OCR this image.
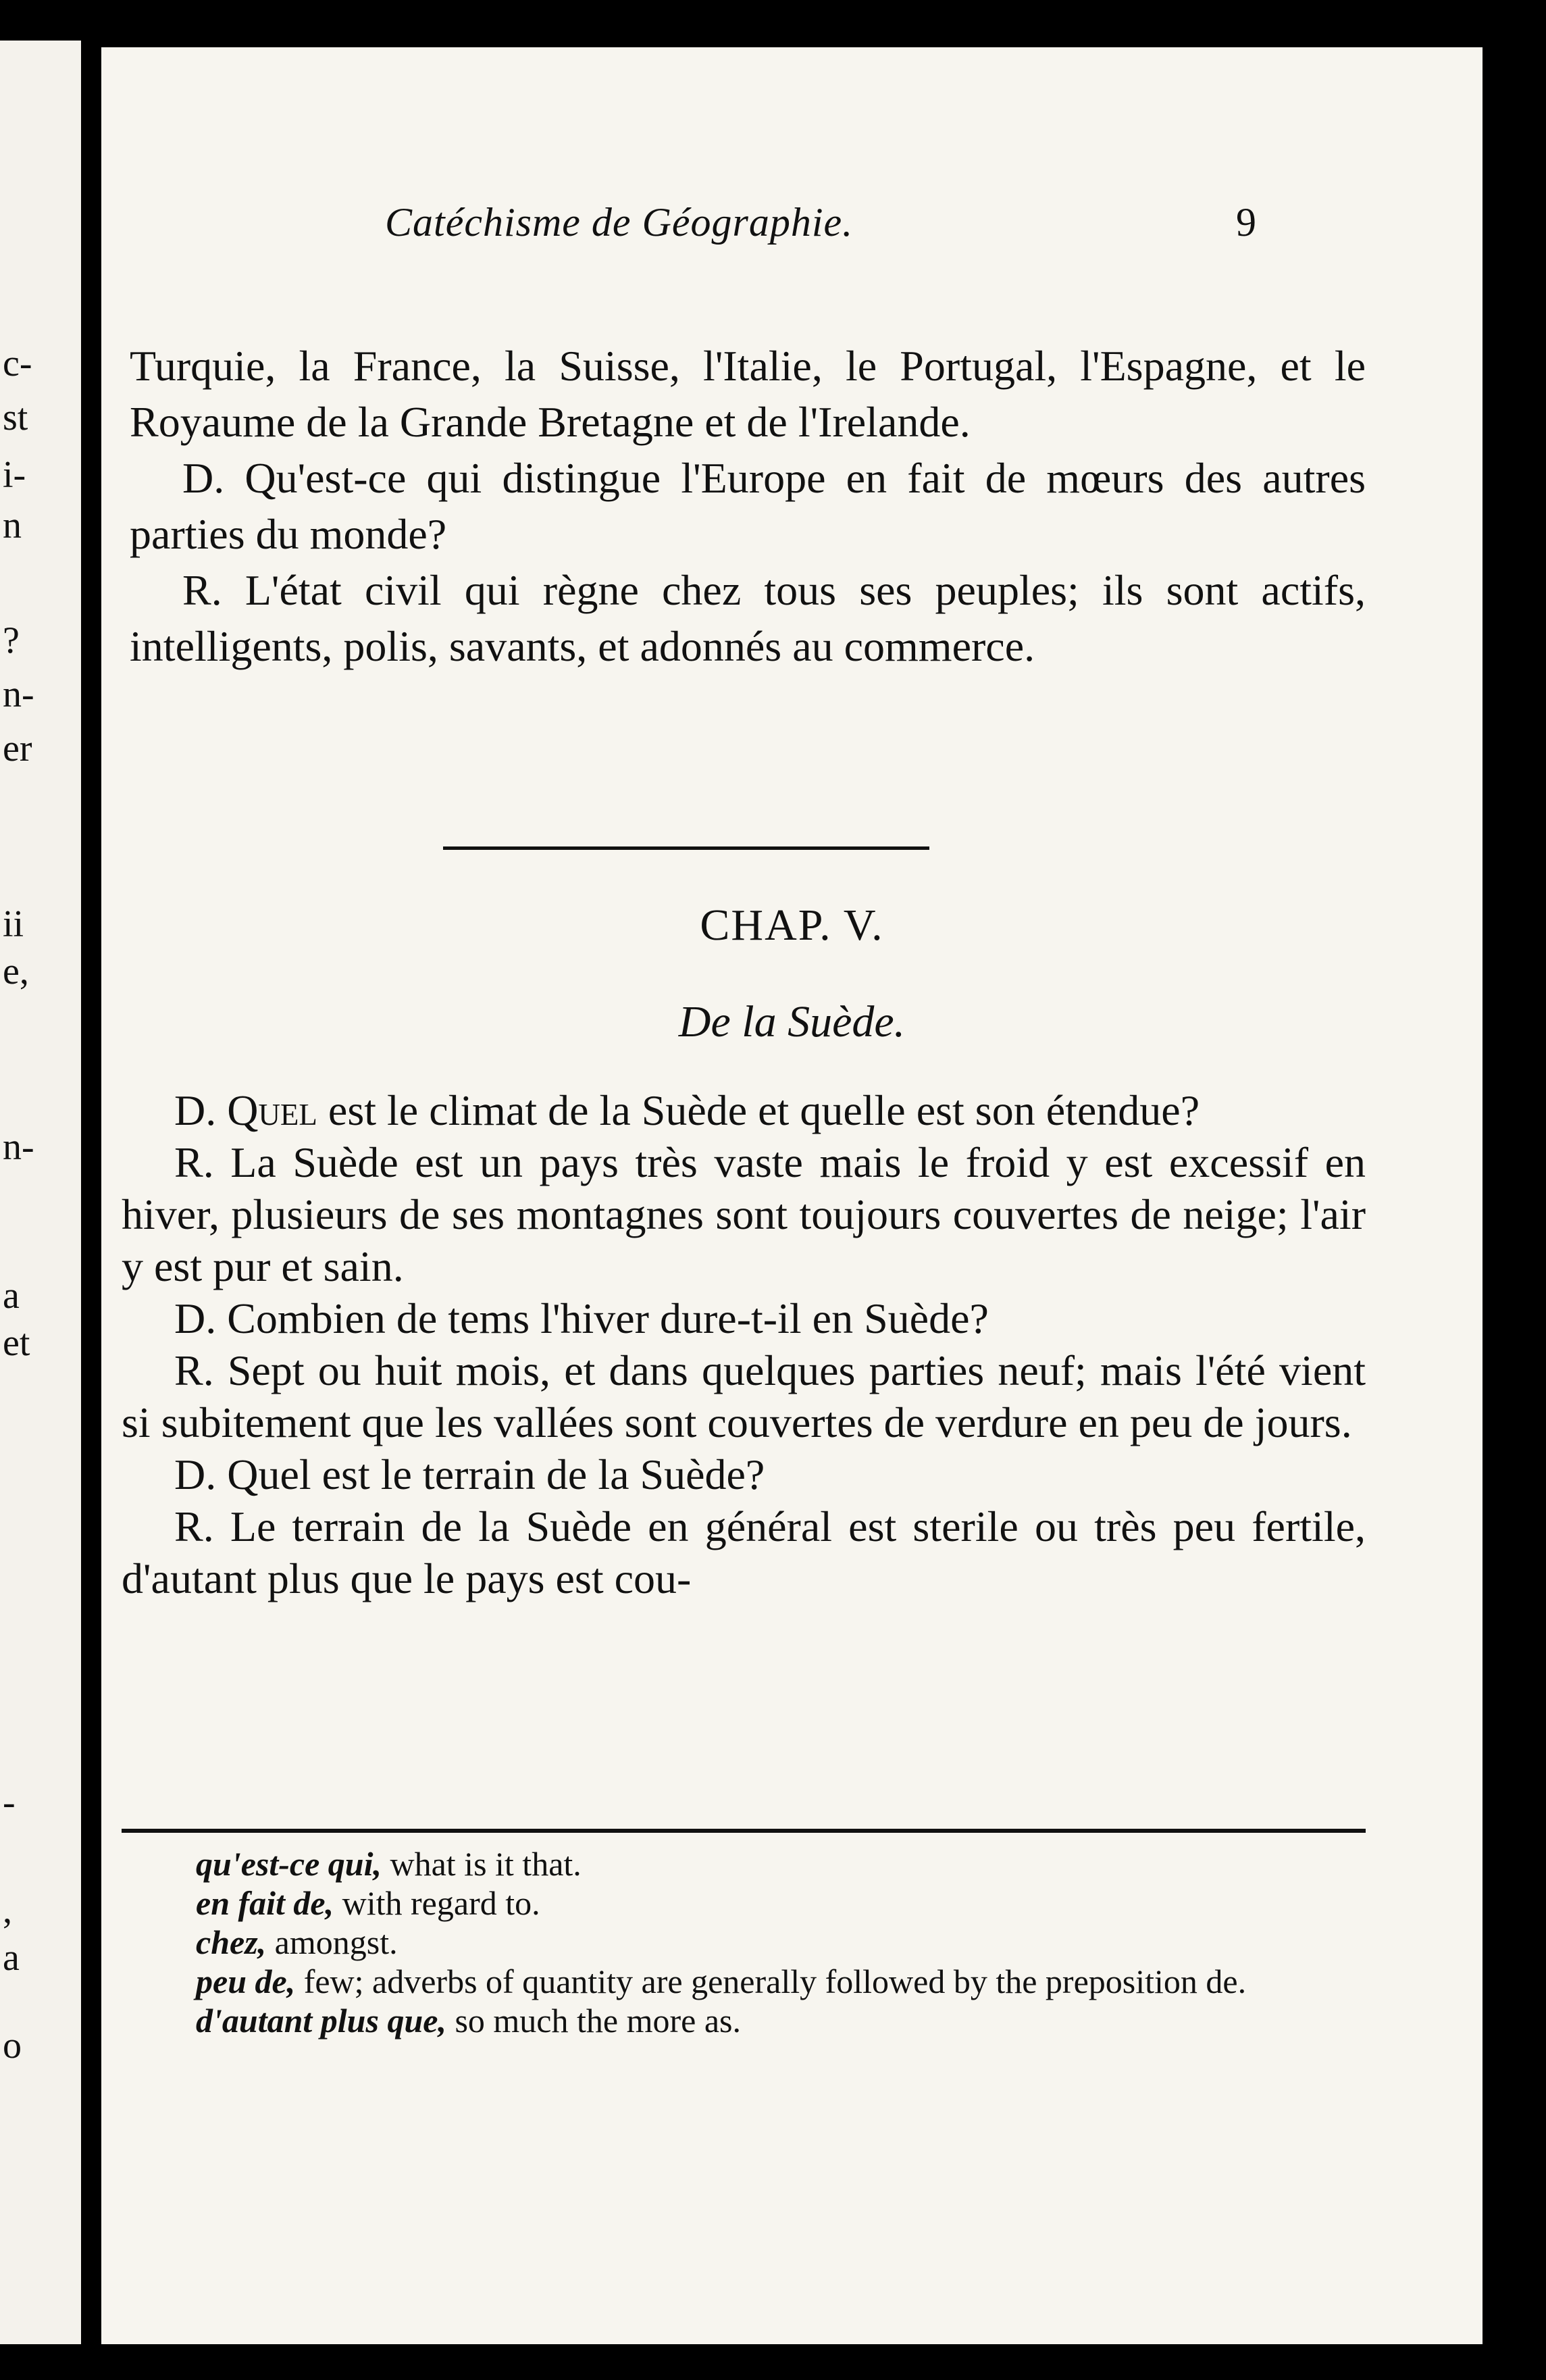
c-
st
i-
n
?
n-
er
ii
e,
n-
a
et
-
,
a
o
Catéchisme de Géographie.	9

Turquie, la France, la Suisse, l'Italie, le Portugal, l'Espagne, et le Royaume de la Grande Bretagne et de l'Irelande.

D. Qu'est-ce qui distingue l'Europe en fait de mœurs des autres parties du monde?

R. L'état civil qui règne chez tous ses peuples; ils sont actifs, intelligents, polis, savants, et adonnés au commerce.

CHAP. V.
De la Suède.

D. Quel est le climat de la Suède et quelle est son étendue?

R. La Suède est un pays très vaste mais le froid y est excessif en hiver, plusieurs de ses montagnes sont toujours couvertes de neige; l'air y est pur et sain.

D. Combien de tems l'hiver dure-t-il en Suède?

R. Sept ou huit mois, et dans quelques parties neuf; mais l'été vient si subitement que les vallées sont couvertes de verdure en peu de jours.

D. Quel est le terrain de la Suède?

R. Le terrain de la Suède en général est sterile ou très peu fertile, d'autant plus que le pays est cou-

qu'est-ce qui, what is it that.

en fait de, with regard to.

chez, amongst.

peu de, few; adverbs of quantity are generally followed by the preposition de.

d'autant plus que, so much the more as.
